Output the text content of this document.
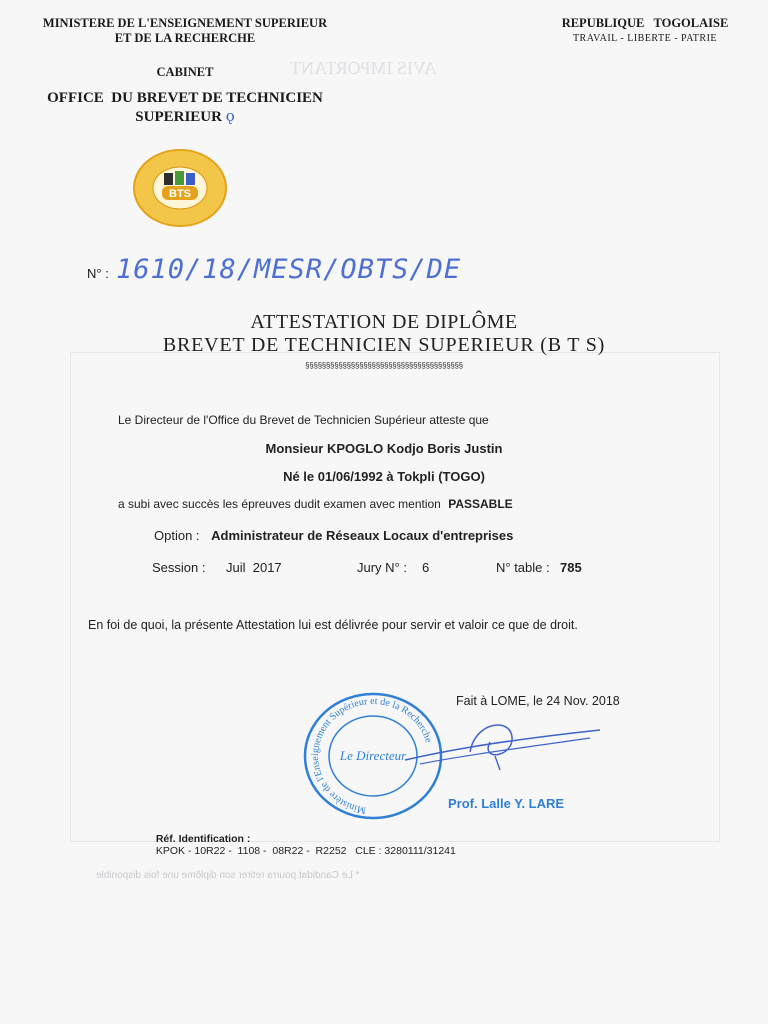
AVIS IMPORTANT
MINISTERE DE L'ENSEIGNEMENT SUPERIEUR
ET DE LA RECHERCHE
REPUBLIQUE   TOGOLAISE
TRAVAIL - LIBERTE - PATRIE
CABINET
OFFICE  DU BREVET DE TECHNICIEN
SUPERIEUR ǫ
BTS
N° : 1610/18/MESR/OBTS/DE
ATTESTATION DE DIPLÔME
BREVET DE TECHNICIEN SUPERIEUR (B T S)
§§§§§§§§§§§§§§§§§§§§§§§§§§§§§§§§§§§§§§
Le Directeur de l'Office du Brevet de Technicien Supérieur atteste que
Monsieur KPOGLO Kodjo Boris Justin
Né le 01/06/1992 à Tokpli (TOGO)
a subi avec succès les épreuves dudit examen avec mention PASSABLE
Option : Administrateur de Réseaux Locaux d'entreprises
Session : Juil  2017	Jury N° : 6	N° table : 785
En foi de quoi, la présente Attestation lui est délivrée pour servir et valoir ce que de droit.
Fait à LOME, le 24 Nov. 2018
Ministère de l'Enseignement Supérieur et de la Recherche
Le Directeur
Prof. Lalle Y. LARE

Réf. Identification :
KPOK - 10R22 -  1108 -  08R22 -  R2252   CLE : 3280111/31241

* Le Candidat pourra retirer son diplôme une fois disponible
